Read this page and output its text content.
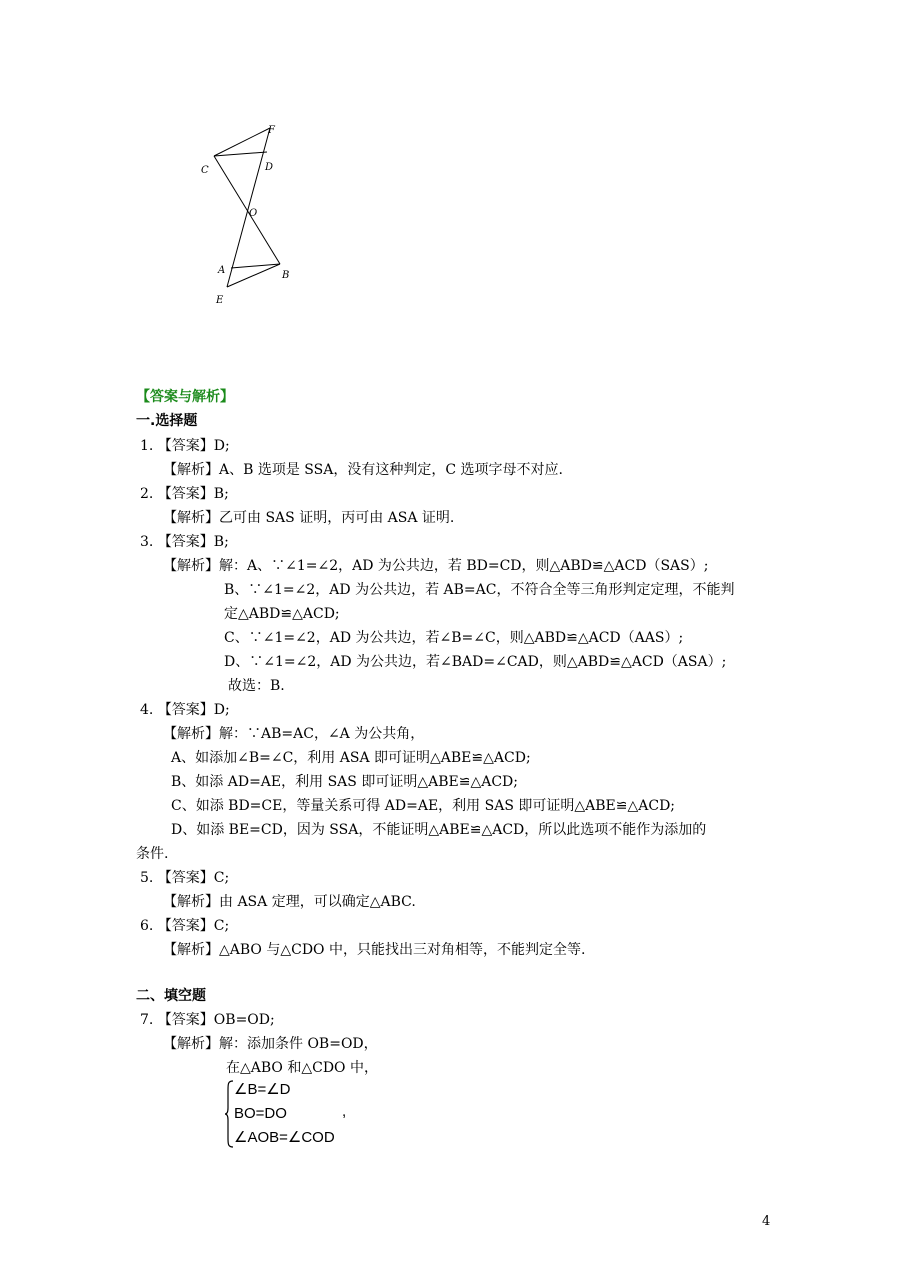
F
C	D
O
A	B
E
【答案与解析】
一.选择题
1. 【答案】D;
【解析】A、B 选项是 SSA，没有这种判定，C 选项字母不对应.
2. 【答案】B;
【解析】乙可由 SAS 证明，丙可由 ASA 证明.
3. 【答案】B;
【解析】解：A、∵∠1=∠2，AD 为公共边，若 BD=CD，则△ABD≌△ACD（SAS）;
B、∵∠1=∠2，AD 为公共边，若 AB=AC，不符合全等三角形判定定理，不能判
定△ABD≌△ACD;
C、∵∠1=∠2，AD 为公共边，若∠B=∠C，则△ABD≌△ACD（AAS）;
D、∵∠1=∠2，AD 为公共边，若∠BAD=∠CAD，则△ABD≌△ACD（ASA）;
故选：B.
4. 【答案】D;
【解析】解：∵AB=AC，∠A 为公共角，
A、如添加∠B=∠C，利用 ASA 即可证明△ABE≌△ACD;
B、如添 AD=AE，利用 SAS 即可证明△ABE≌△ACD;
C、如添 BD=CE，等量关系可得 AD=AE，利用 SAS 即可证明△ABE≌△ACD;
D、如添 BE=CD，因为 SSA，不能证明△ABE≌△ACD，所以此选项不能作为添加的
条件.
5. 【答案】C;
【解析】由 ASA 定理，可以确定△ABC.
6. 【答案】C;
【解析】△ABO 与△CDO 中，只能找出三对角相等，不能判定全等.
二、填空题
7. 【答案】OB=OD;
【解析】解：添加条件 OB=OD，
在△ABO 和△CDO 中，
∠B=∠D
BO=DO	,
∠AOB=∠COD
4
